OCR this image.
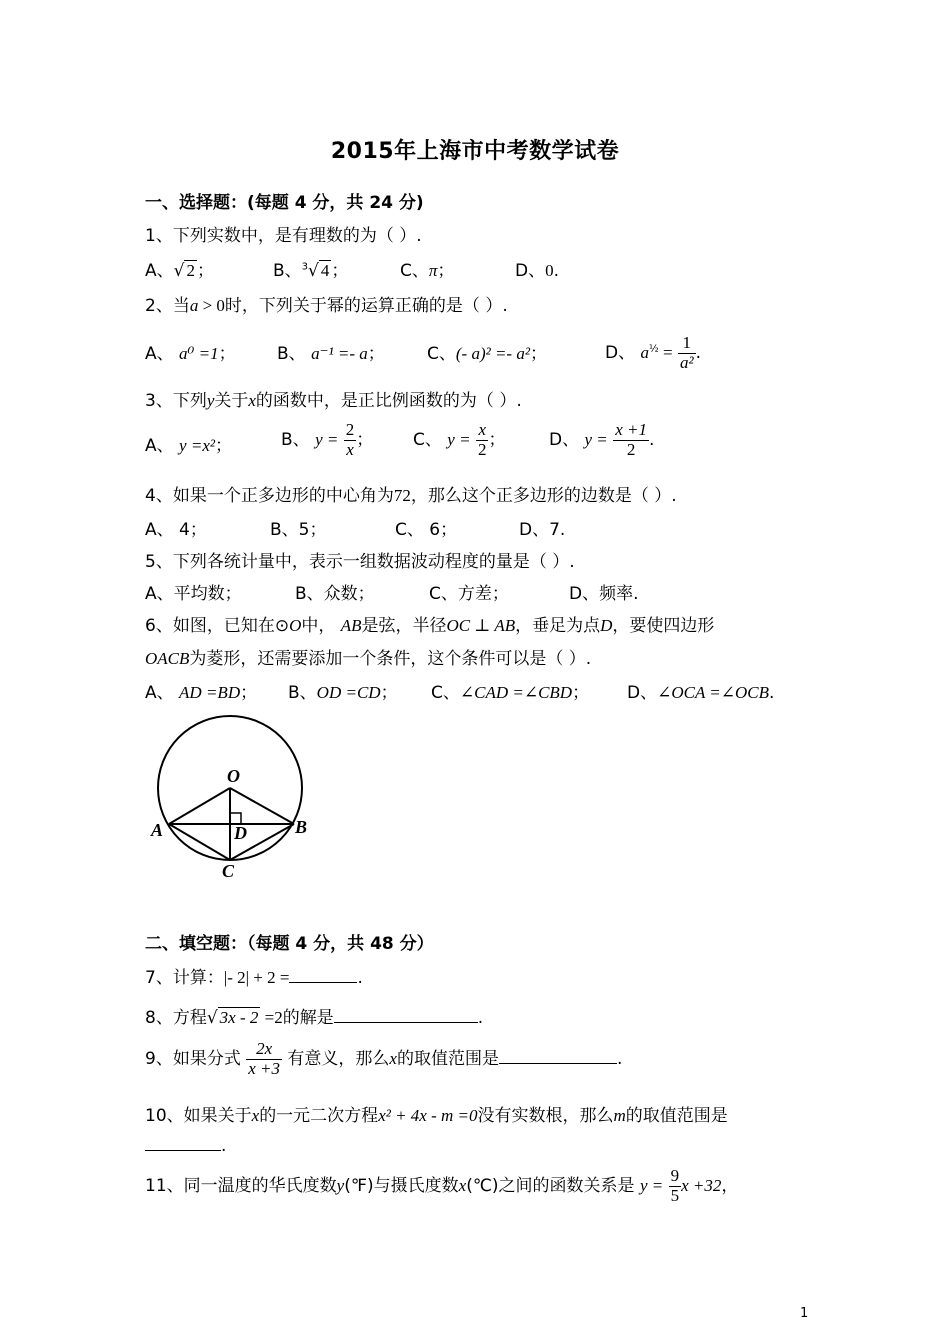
2015年上海市中考数学试卷
一、选择题：(每题 4 分，共 24 分)
1、下列实数中，是有理数的为（ ）.
A、√ 2 ；	B、$^3$√ 4 ；	C、π；	D、0.
2、当a > 0时，下列关于幂的运算正确的是（ ）.
A、 a⁰ =1； B、 a⁻¹ =- a； C、(- a)² =- a²；	D、 $a^{\frac{1}{2}} = \frac{1}{\text{a²}}$ .
3、下列y关于x的函数中，是正比例函数的为（ ）.
A、 y =x²；	B、 $y = \frac{2}{x}$ ； C、 $y = \frac{x}{2}$ ；	D、 $y = \frac{x +1}{2}$ .
4、如果一个正多边形的中心角为72，那么这个正多边形的边数是（ ）.
A、 4；	B、5；	C、 6；	D、7.
5、下列各统计量中，表示一组数据波动程度的量是（ ）.
A、平均数；	B、众数；	C、方差；	D、频率.
6、如图，已知在⊙O中， AB是弦，半径OC ⊥ AB，垂足为点D，要使四边形
OACB为菱形，还需要添加一个条件，这个条件可以是（ ）.
A、 AD =BD； B、OD =CD； C、∠CAD =∠CBD； D、∠OCA =∠OCB.
O
A	B
C
D
二、填空题：（每题 4 分，共 48 分）
7、计算：|- 2| + 2 =	.
8、方程√ 3x - 2 =2的解是	.
9、如果分式 $\frac{2x}{x +3}$ 有意义，那么x的取值范围是	.
10、如果关于x的一元二次方程x² + 4x - m =0没有实数根，那么m的取值范围是
.
11、同一温度的华氏度数y(℉)与摄氏度数x(℃)之间的函数关系是 $y = \frac{9}{5}$ x +32，
1
